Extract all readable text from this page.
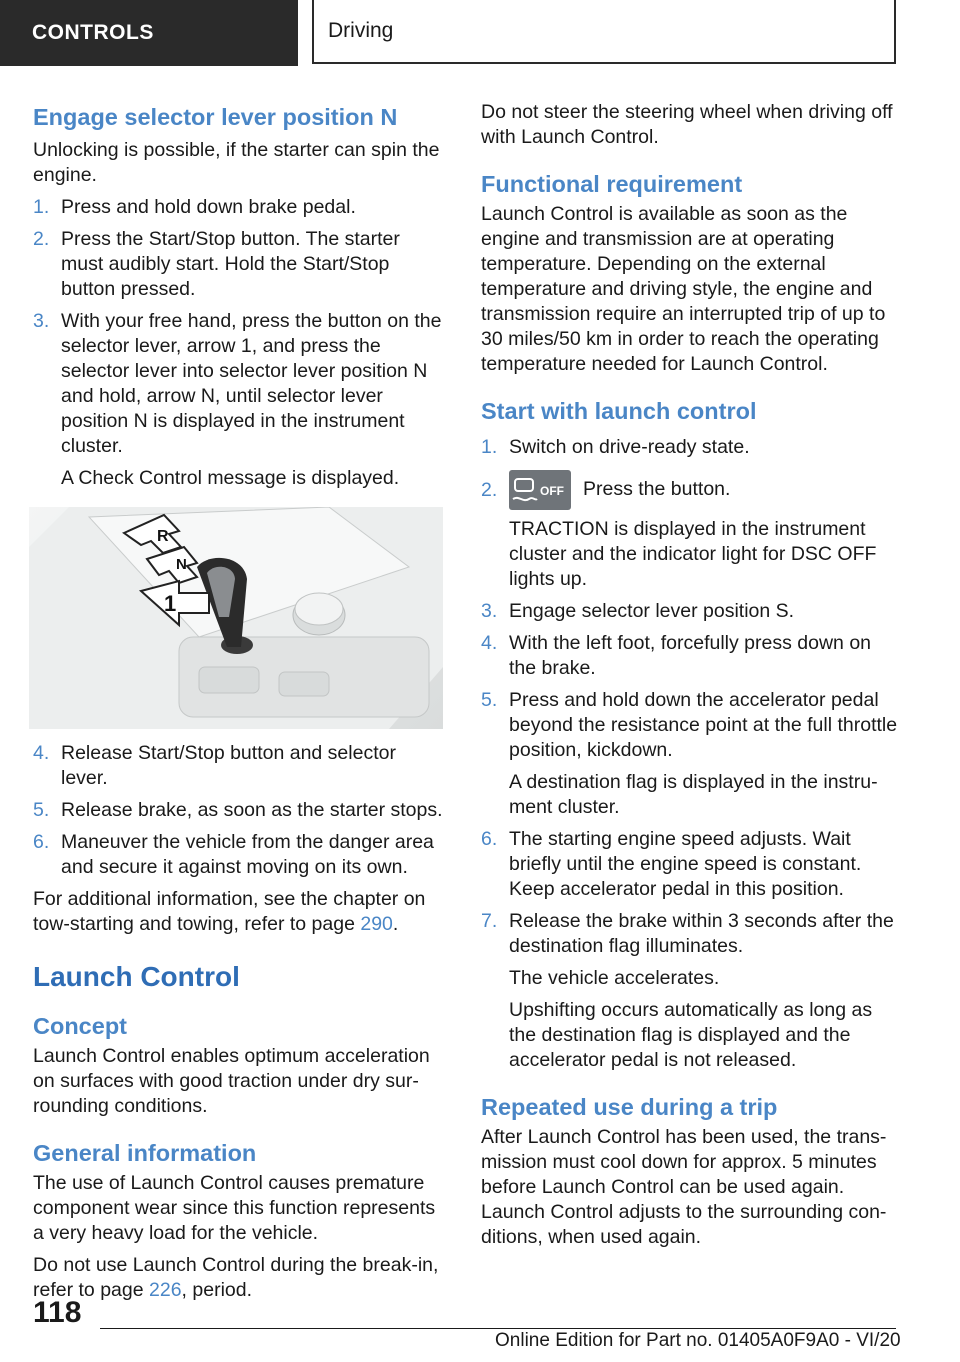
CONTROLS	Driving
Engage selector lever position N

Unlocking is possible, if the starter can spin the engine.

1. Press and hold down brake pedal.
2. Press the Start/Stop button. The starter must audibly start. Hold the Start/Stop button pressed.
3. With your free hand, press the button on the selector lever, arrow 1, and press the selector lever into selector lever position N and hold, arrow N, until selector lever position N is displayed in the instrument cluster.

A Check Control message is displayed.

R
N
1
4. Release Start/Stop button and selector lever.
5. Release brake, as soon as the starter stops.
6. Maneuver the vehicle from the danger area and secure it against moving on its own.

For additional information, see the chapter on tow-starting and towing, refer to page 290.

Launch Control
Concept

Launch Control enables optimum acceleration on surfaces with good traction under dry surrounding conditions.

General information

The use of Launch Control causes premature component wear since this function represents a very heavy load for the vehicle.

Do not use Launch Control during the break-in, refer to page 226, period.

Do not steer the steering wheel when driving off with Launch Control.

Functional requirement

Launch Control is available as soon as the engine and transmission are at operating temperature. Depending on the external temperature and driving style, the engine and transmission require an interrupted trip of up to 30 miles/50 km in order to reach the operating temperature needed for Launch Control.

Start with launch control
1. Switch on drive-ready state.
2.	OFF Press the button.

TRACTION is displayed in the instrument cluster and the indicator light for DSC OFF lights up.

3. Engage selector lever position S.
4. With the left foot, forcefully press down on the brake.
5. Press and hold down the accelerator pedal beyond the resistance point at the full throttle position, kickdown.

A destination flag is displayed in the instrument cluster.

6. The starting engine speed adjusts. Wait briefly until the engine speed is constant. Keep accelerator pedal in this position.
7. Release the brake within 3 seconds after the destination flag illuminates.

The vehicle accelerates.

Upshifting occurs automatically as long as the destination flag is displayed and the accelerator pedal is not released.

Repeated use during a trip

After Launch Control has been used, the transmission must cool down for approx. 5 minutes before Launch Control can be used again.

Launch Control adjusts to the surrounding conditions, when used again.

118
Online Edition for Part no. 01405A0F9A0 - VI/20
